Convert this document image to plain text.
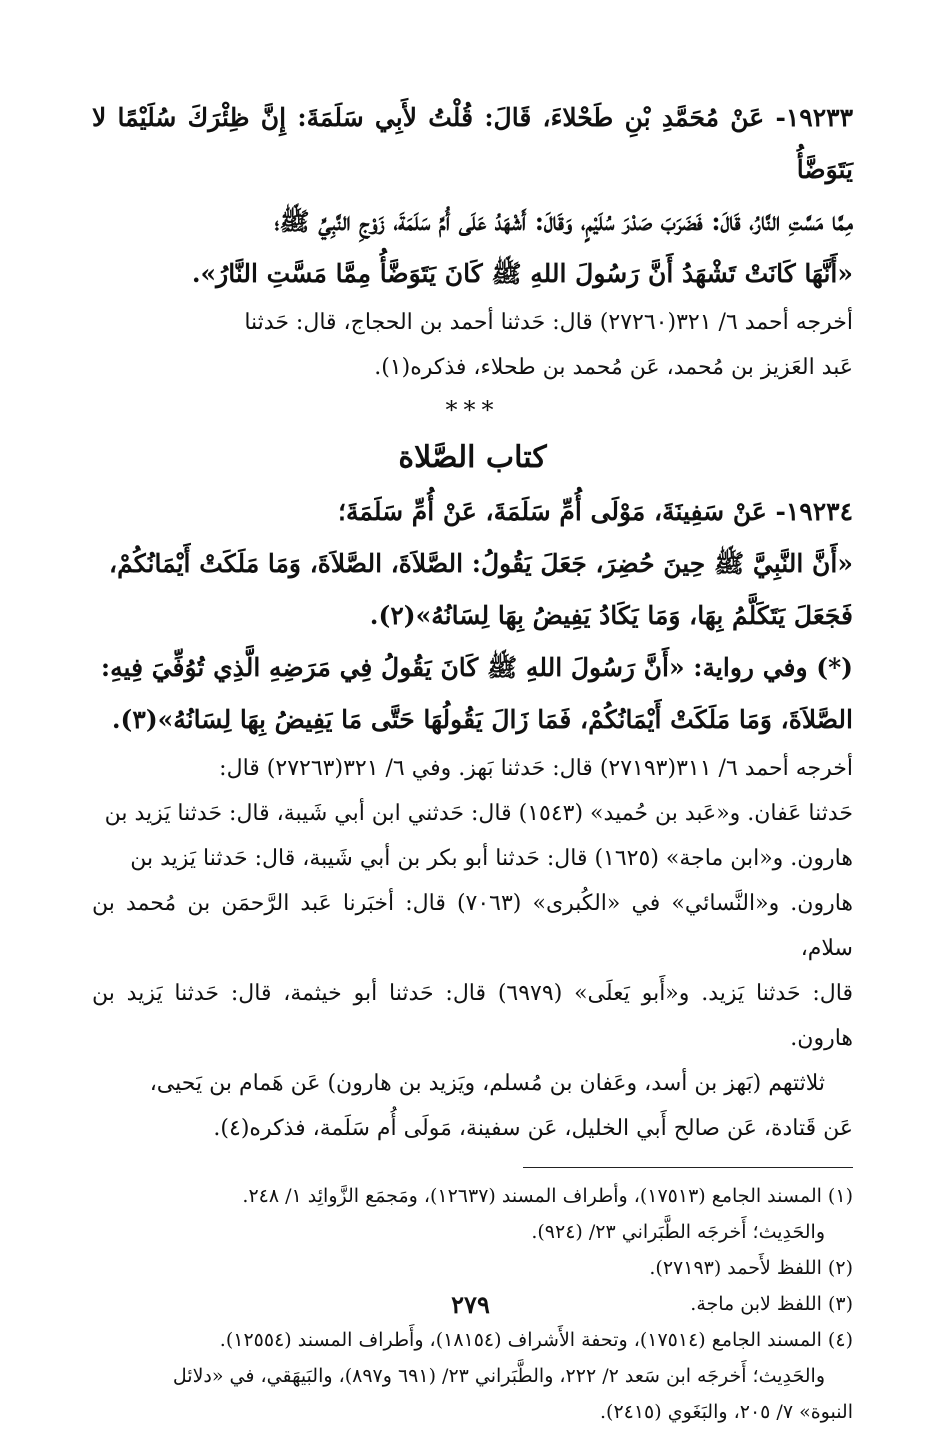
١٩٢٣٣- عَنْ مُحَمَّدِ بْنِ طَحْلاءَ، قَالَ: قُلْتُ لأَبِي سَلَمَةَ: إِنَّ ظِئْرَكَ سُلَيْمًا لا يَتَوَضَّأُ

مِمَّا مَسَّتِ النَّارُ، قَالَ: فَضَرَبَ صَدْرَ سُلَيْمٍ، وَقَالَ: أَشْهَدُ عَلَى أُمِّ سَلَمَةَ، زَوْجِ النَّبِيِّ ﷺ؛

«أَنَّهَا كَانَتْ تَشْهَدُ أَنَّ رَسُولَ اللهِ ﷺ كَانَ يَتَوَضَّأُ مِمَّا مَسَّتِ النَّارُ».

أخرجه أحمد ٦/ ٣٢١(٢٧٢٦٠) قال: حَدثنا أحمد بن الحجاج، قال: حَدثنا

عَبد العَزيز بن مُحمد، عَن مُحمد بن طحلاء، فذكره(١).

***

كتاب الصَّلاة

١٩٢٣٤- عَنْ سَفِينَةَ، مَوْلَى أُمِّ سَلَمَةَ، عَنْ أُمِّ سَلَمَةَ؛

«أَنَّ النَّبِيَّ ﷺ حِينَ حُضِرَ، جَعَلَ يَقُولُ: الصَّلاَةَ، الصَّلاَةَ، وَمَا مَلَكَتْ أَيْمَانُكُمْ،

فَجَعَلَ يَتَكَلَّمُ بِهَا، وَمَا يَكَادُ يَفِيضُ بِهَا لِسَانُهُ»(٢).

(*) وفي رواية: «أَنَّ رَسُولَ اللهِ ﷺ كَانَ يَقُولُ فِي مَرَضِهِ الَّذِي تُوُفِّيَ فِيهِ:

الصَّلاَةَ، وَمَا مَلَكَتْ أَيْمَانُكُمْ، فَمَا زَالَ يَقُولُهَا حَتَّى مَا يَفِيضُ بِهَا لِسَانُهُ»(٣).

أخرجه أحمد ٦/ ٣١١(٢٧١٩٣) قال: حَدثنا بَهز. وفي ٦/ ٣٢١(٢٧٢٦٣) قال:

حَدثنا عَفان. و«عَبد بن حُميد» (١٥٤٣) قال: حَدثني ابن أبي شَيبة، قال: حَدثنا يَزيد بن

هارون. و«ابن ماجة» (١٦٢٥) قال: حَدثنا أبو بكر بن أبي شَيبة، قال: حَدثنا يَزيد بن

هارون. و«النَّسائي» في «الكُبرى» (٧٠٦٣) قال: أخبَرنا عَبد الرَّحمَن بن مُحمد بن سلام،

قال: حَدثنا يَزيد. و«أَبو يَعلَى» (٦٩٧٩) قال: حَدثنا أبو خيثمة، قال: حَدثنا يَزيد بن هارون.

ثلاثتهم (بَهز بن أسد، وعَفان بن مُسلم، ويَزيد بن هارون) عَن هَمام بن يَحيى،

عَن قَتادة، عَن صالح أَبي الخليل، عَن سفينة، مَولَى أُم سَلَمة، فذكره(٤).

(١) المسند الجامع (١٧٥١٣)، وأطراف المسند (١٢٦٣٧)، ومَجمَع الزَّوائِد ١/ ٢٤٨.

والحَدِيث؛ أَخرجَه الطَّبَراني ٢٣/ (٩٢٤).

(٢) اللفظ لأَحمد (٢٧١٩٣).

(٣) اللفظ لابن ماجة.

(٤) المسند الجامع (١٧٥١٤)، وتحفة الأَشراف (١٨١٥٤)، وأَطراف المسند (١٢٥٥٤).

والحَدِيث؛ أَخرجَه ابن سَعد ٢/ ٢٢٢، والطَّبَراني ٢٣/ (٦٩١ و٨٩٧)، والبَيهَقي، في «دلائل

النبوة» ٧/ ٢٠٥، والبَغَوي (٢٤١٥).

٢٧٩
